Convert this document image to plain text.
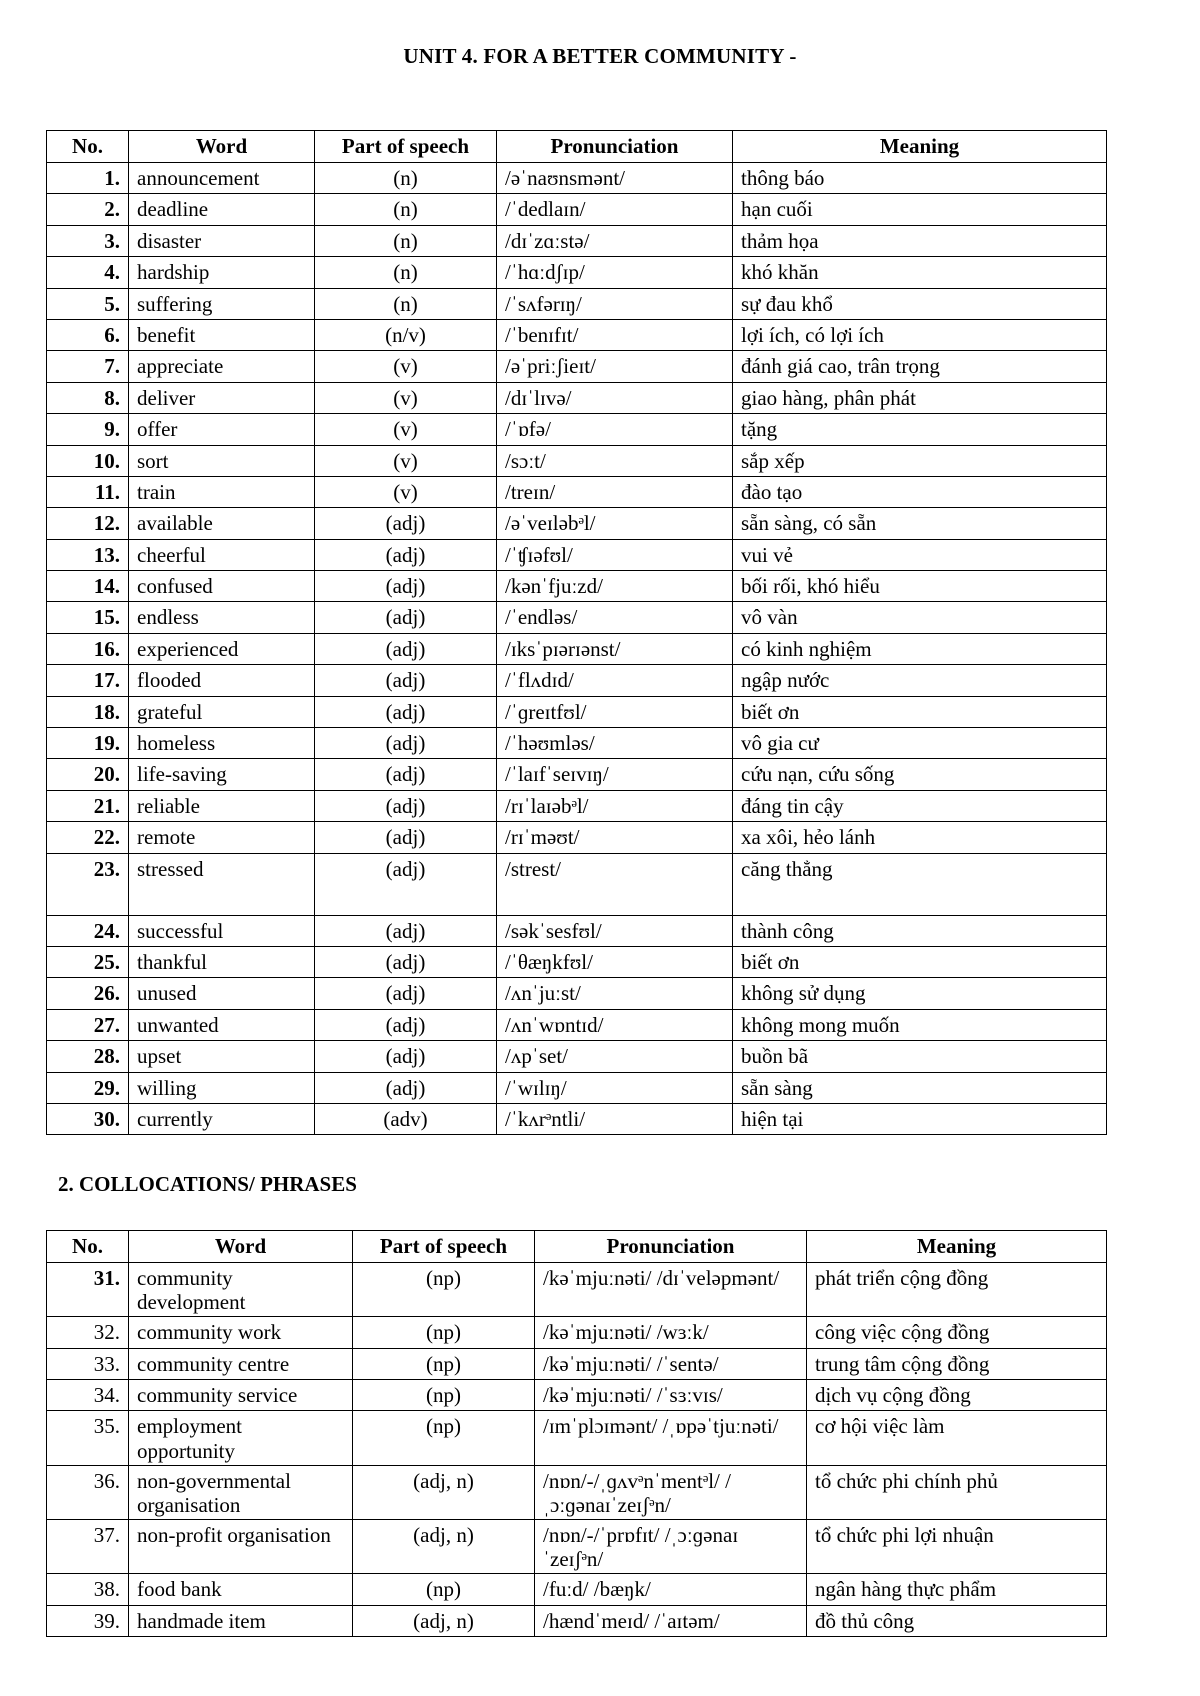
UNIT 4. FOR A BETTER COMMUNITY -
No.	Word	Part of speech	Pronunciation	Meaning
1.	announcement	(n)	/əˈnaʊnsmənt/	thông báo
2.	deadline	(n)	/ˈdedlaɪn/	hạn cuối
3.	disaster	(n)	/dɪˈzɑːstə/	thảm họa
4.	hardship	(n)	/ˈhɑːdʃɪp/	khó khăn
5.	suffering	(n)	/ˈsʌfərɪŋ/	sự đau khổ
6.	benefit	(n/v)	/ˈbenɪfɪt/	lợi ích, có lợi ích
7.	appreciate	(v)	/əˈpriːʃieɪt/	đánh giá cao, trân trọng
8.	deliver	(v)	/dɪˈlɪvə/	giao hàng, phân phát
9.	offer	(v)	/ˈɒfə/	tặng
10.	sort	(v)	/sɔːt/	sắp xếp
11.	train	(v)	/treɪn/	đào tạo
12.	available	(adj)	/əˈveɪləbᵊl/	sẵn sàng, có sẵn
13.	cheerful	(adj)	/ˈʧɪəfʊl/	vui vẻ
14.	confused	(adj)	/kənˈfjuːzd/	bối rối, khó hiểu
15.	endless	(adj)	/ˈendləs/	vô vàn
16.	experienced	(adj)	/ɪksˈpɪərɪənst/	có kinh nghiệm
17.	flooded	(adj)	/ˈflʌdɪd/	ngập nước
18.	grateful	(adj)	/ˈɡreɪtfʊl/	biết ơn
19.	homeless	(adj)	/ˈhəʊmləs/	vô gia cư
20.	life-saving	(adj)	/ˈlaɪfˈseɪvɪŋ/	cứu nạn, cứu sống
21.	reliable	(adj)	/rɪˈlaɪəbᵊl/	đáng tin cậy
22.	remote	(adj)	/rɪˈməʊt/	xa xôi, hẻo lánh
23.	stressed	(adj)	/strest/	căng thẳng
24.	successful	(adj)	/səkˈsesfʊl/	thành công
25.	thankful	(adj)	/ˈθæŋkfʊl/	biết ơn
26.	unused	(adj)	/ʌnˈjuːst/	không sử dụng
27.	unwanted	(adj)	/ʌnˈwɒntɪd/	không mong muốn
28.	upset	(adj)	/ʌpˈset/	buồn bã
29.	willing	(adj)	/ˈwɪlɪŋ/	sẵn sàng
30.	currently	(adv)	/ˈkʌrᵊntli/	hiện tại
2. COLLOCATIONS/ PHRASES
No.	Word	Part of speech	Pronunciation	Meaning
31.	community development	(np)	/kəˈmjuːnəti/ /dɪˈveləpmənt/	phát triển cộng đồng
32.	community work	(np)	/kəˈmjuːnəti/ /wɜːk/	công việc cộng đồng
33.	community centre	(np)	/kəˈmjuːnəti/ /ˈsentə/	trung tâm cộng đồng
34.	community service	(np)	/kəˈmjuːnəti/ /ˈsɜːvɪs/	dịch vụ cộng đồng
35.	employment opportunity	(np)	/ɪmˈplɔɪmənt/ /ˌɒpəˈtjuːnəti/	cơ hội việc làm
36.	non-governmental organisation	(adj, n)	/nɒn/-/ˌɡʌvᵊnˈmentᵊl/ /ˌɔːɡənaɪˈzeɪʃᵊn/	tổ chức phi chính phủ
37.	non-profit organisation	(adj, n)	/nɒn/-/ˈprɒfɪt/ /ˌɔːɡənaɪˈzeɪʃᵊn/	tổ chức phi lợi nhuận
38.	food bank	(np)	/fuːd/ /bæŋk/	ngân hàng thực phẩm
39.	handmade item	(adj, n)	/hændˈmeɪd/ /ˈaɪtəm/	đồ thủ công
